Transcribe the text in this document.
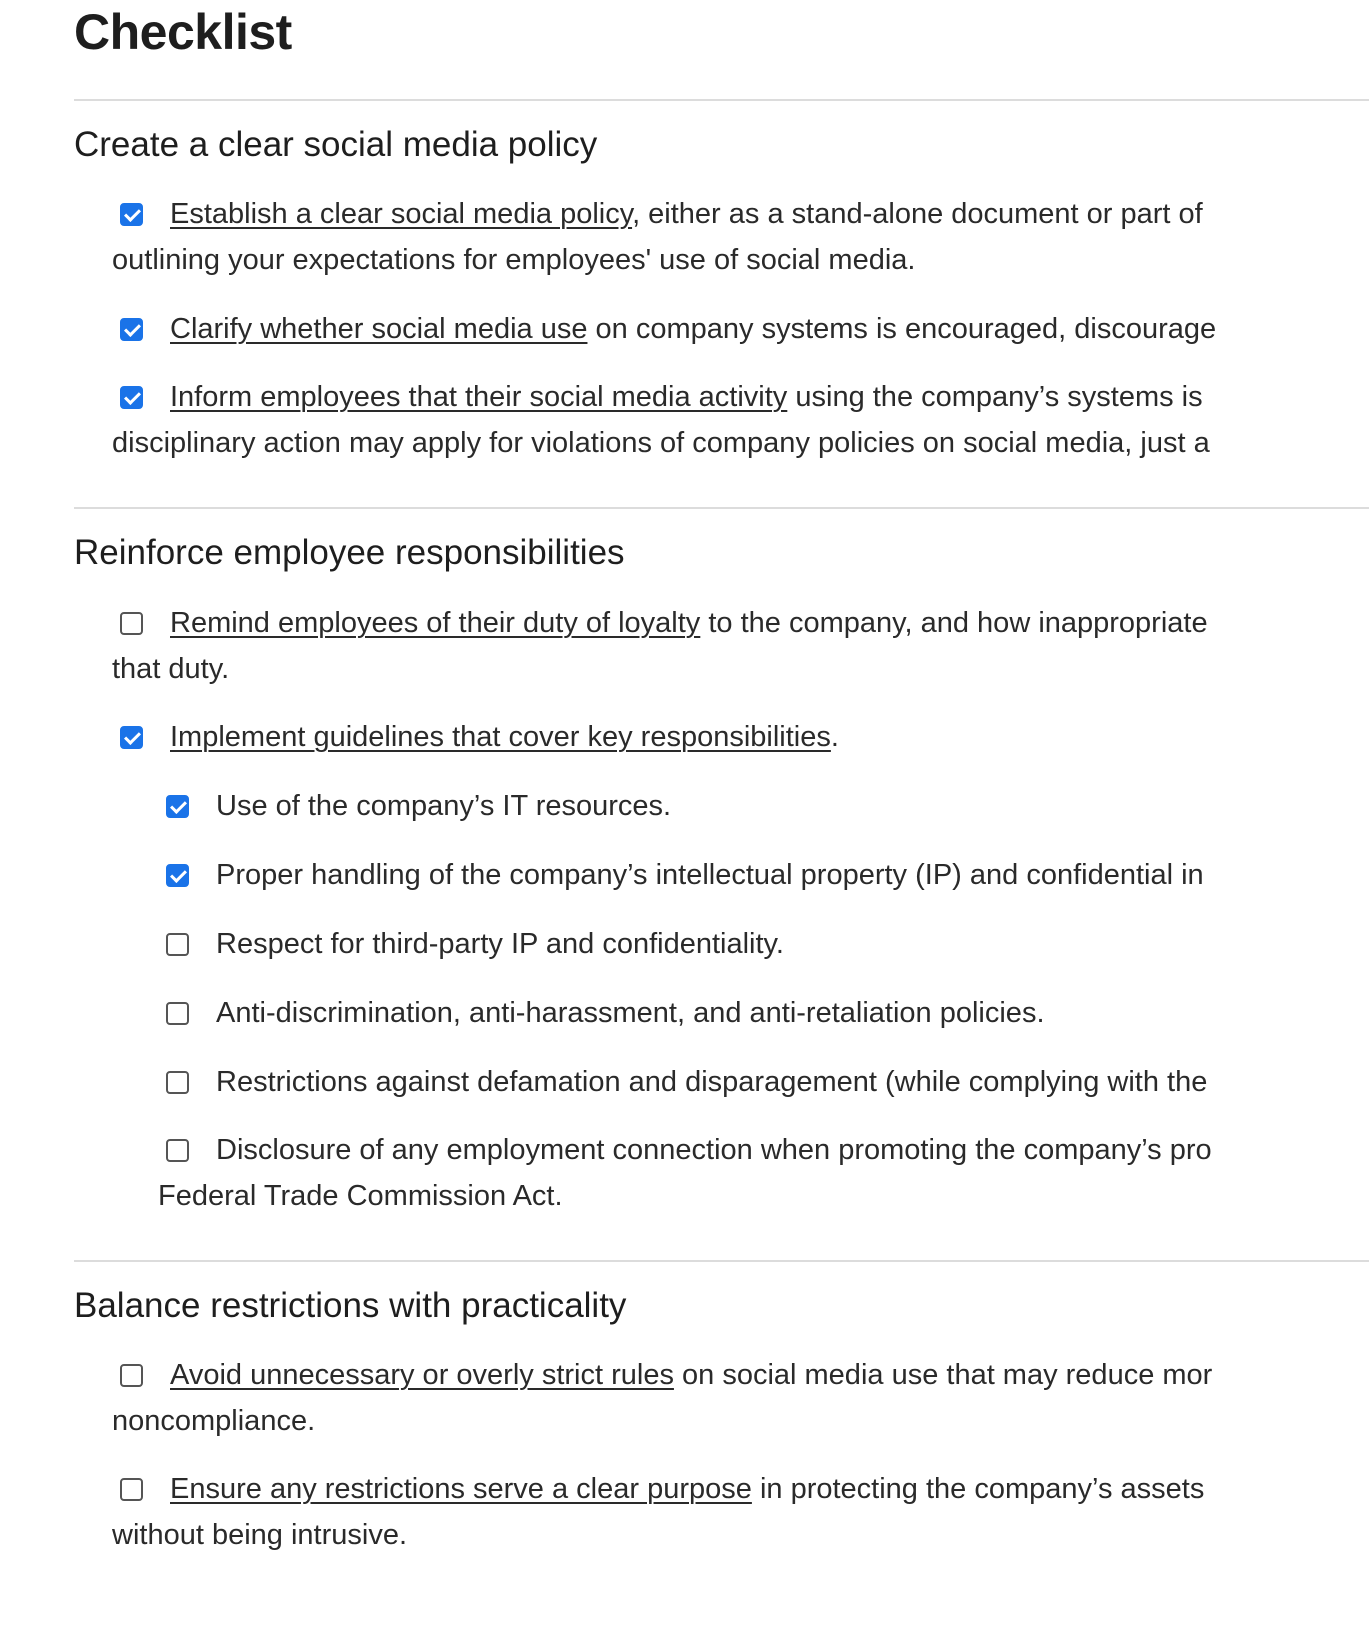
Checklist
Create a clear social media policy
Establish a clear social media policy, either as a stand-alone document or part of
outlining your expectations for employees' use of social media.
Clarify whether social media use on company systems is encouraged, discourage
Inform employees that their social media activity using the company’s systems is
disciplinary action may apply for violations of company policies on social media, just a
Reinforce employee responsibilities
Remind employees of their duty of loyalty to the company, and how inappropriate
that duty.
Implement guidelines that cover key responsibilities.
Use of the company’s IT resources.
Proper handling of the company’s intellectual property (IP) and confidential in
Respect for third-party IP and confidentiality.
Anti-discrimination, anti-harassment, and anti-retaliation policies.
Restrictions against defamation and disparagement (while complying with the
Disclosure of any employment connection when promoting the company’s pro
Federal Trade Commission Act.
Balance restrictions with practicality
Avoid unnecessary or overly strict rules on social media use that may reduce mor
noncompliance.
Ensure any restrictions serve a clear purpose in protecting the company’s assets
without being intrusive.
